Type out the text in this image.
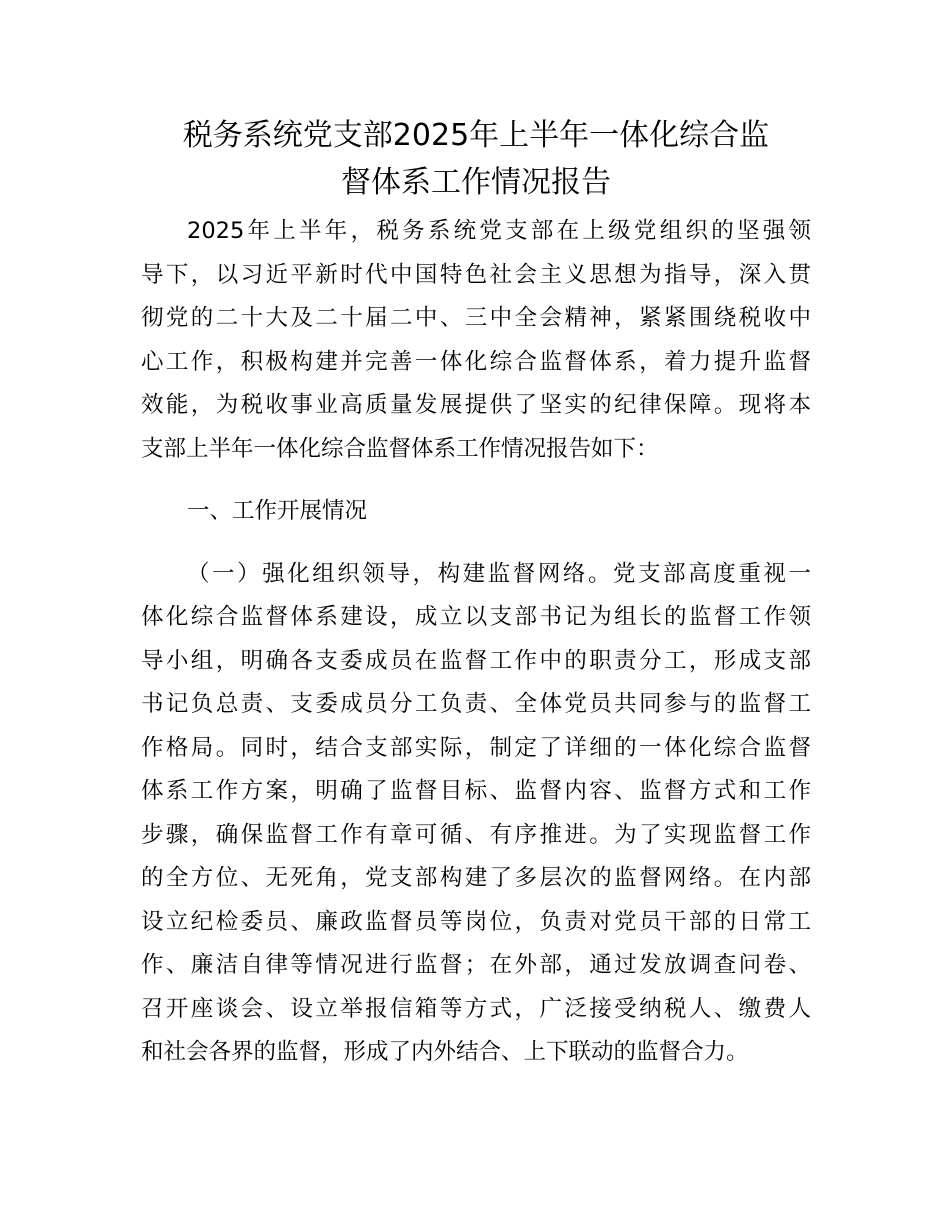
税务系统党支部2025年上半年一体化综合监
督体系工作情况报告
2025年上半年，税务系统党支部在上级党组织的坚强领
导下，以习近平新时代中国特色社会主义思想为指导，深入贯
彻党的二十大及二十届二中、三中全会精神，紧紧围绕税收中
心工作，积极构建并完善一体化综合监督体系，着力提升监督
效能，为税收事业高质量发展提供了坚实的纪律保障。现将本
支部上半年一体化综合监督体系工作情况报告如下：
一、工作开展情况
（一）强化组织领导，构建监督网络。党支部高度重视一
体化综合监督体系建设，成立以支部书记为组长的监督工作领
导小组，明确各支委成员在监督工作中的职责分工，形成支部
书记负总责、支委成员分工负责、全体党员共同参与的监督工
作格局。同时，结合支部实际，制定了详细的一体化综合监督
体系工作方案，明确了监督目标、监督内容、监督方式和工作
步骤，确保监督工作有章可循、有序推进。为了实现监督工作
的全方位、无死角，党支部构建了多层次的监督网络。在内部
设立纪检委员、廉政监督员等岗位，负责对党员干部的日常工
作、廉洁自律等情况进行监督；在外部，通过发放调查问卷、
召开座谈会、设立举报信箱等方式，广泛接受纳税人、缴费人
和社会各界的监督，形成了内外结合、上下联动的监督合力。
